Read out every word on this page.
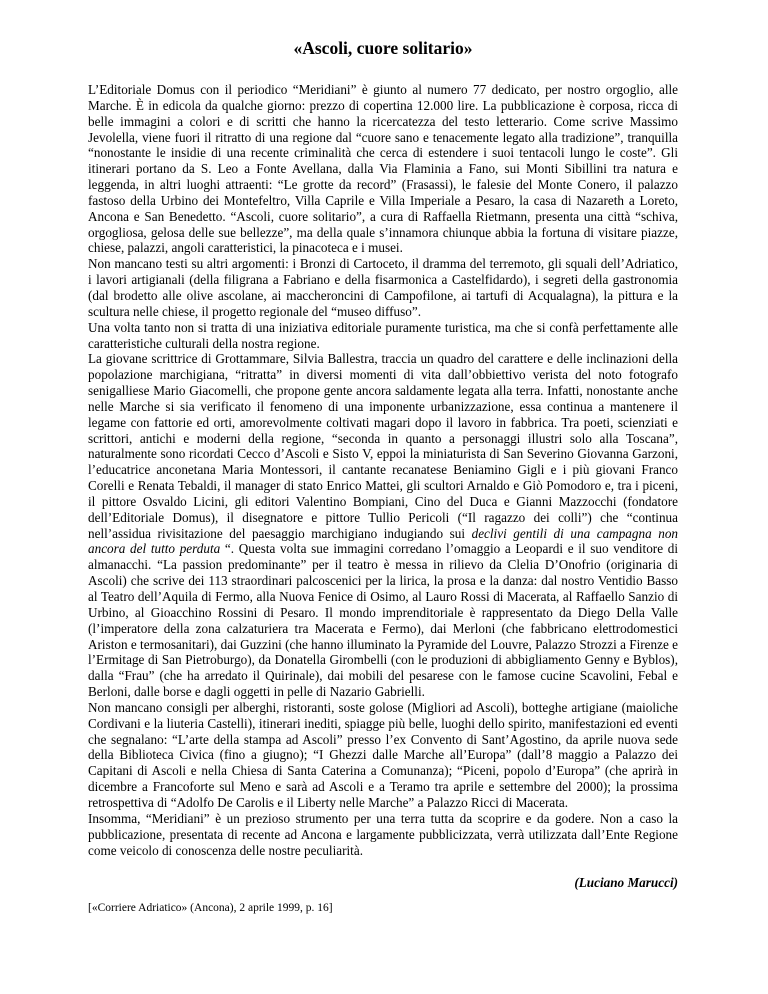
«Ascoli, cuore solitario»

L’Editoriale Domus con il periodico “Meridiani” è giunto al numero 77 dedicato, per nostro orgoglio, alle Marche. È in edicola da qualche giorno: prezzo di copertina 12.000 lire. La pubblicazione è corposa, ricca di belle immagini a colori e di scritti che hanno la ricercatezza del testo letterario. Come scrive Massimo Jevolella, viene fuori il ritratto di una regione dal “cuore sano e tenacemente legato alla tradizione”, tranquilla “nonostante le insidie di una recente criminalità che cerca di estendere i suoi tentacoli lungo le coste”. Gli itinerari portano da S. Leo a Fonte Avellana, dalla Via Flaminia a Fano, sui Monti Sibillini tra natura e leggenda, in altri luoghi attraenti: “Le grotte da record” (Frasassi), le falesie del Monte Conero, il palazzo fastoso della Urbino dei Montefeltro, Villa Caprile e Villa Imperiale a Pesaro, la casa di Nazareth a Loreto, Ancona e San Benedetto. “Ascoli, cuore solitario”, a cura di Raffaella Rietmann, presenta una città “schiva, orgogliosa, gelosa delle sue bellezze”, ma della quale s’innamora chiunque abbia la fortuna di visitare piazze, chiese, palazzi, angoli caratteristici, la pinacoteca e i musei.

Non mancano testi su altri argomenti: i Bronzi di Cartoceto, il dramma del terremoto, gli squali dell’Adriatico, i lavori artigianali (della filigrana a Fabriano e della fisarmonica a Castelfidardo), i segreti della gastronomia (dal brodetto alle olive ascolane, ai maccheroncini di Campofilone, ai tartufi di Acqualagna), la pittura e la scultura nelle chiese, il progetto regionale del “museo diffuso”.

Una volta tanto non si tratta di una iniziativa editoriale puramente turistica, ma che si confà perfettamente alle caratteristiche culturali della nostra regione.

La giovane scrittrice di Grottammare, Silvia Ballestra, traccia un quadro del carattere e delle inclinazioni della popolazione marchigiana, “ritratta” in diversi momenti di vita dall’obbiettivo verista del noto fotografo senigalliese Mario Giacomelli, che propone gente ancora saldamente legata alla terra. Infatti, nonostante anche nelle Marche si sia verificato il fenomeno di una imponente urbanizzazione, essa continua a mantenere il legame con fattorie ed orti, amorevolmente coltivati magari dopo il lavoro in fabbrica. Tra poeti, scienziati e scrittori, antichi e moderni della regione, “seconda in quanto a personaggi illustri solo alla Toscana”, naturalmente sono ricordati Cecco d’Ascoli e Sisto V, eppoi la miniaturista di San Severino Giovanna Garzoni, l’educatrice anconetana Maria Montessori, il cantante recanatese Beniamino Gigli e i più giovani Franco Corelli e Renata Tebaldi, il manager di stato Enrico Mattei, gli scultori Arnaldo e Giò Pomodoro e, tra i piceni, il pittore Osvaldo Licini, gli editori Valentino Bompiani, Cino del Duca e Gianni Mazzocchi (fondatore dell’Editoriale Domus), il disegnatore e pittore Tullio Pericoli (“Il ragazzo dei colli”) che “continua nell’assidua rivisitazione del paesaggio marchigiano indugiando sui declivi gentili di una campagna non ancora del tutto perduta “. Questa volta sue immagini corredano l’omaggio a Leopardi e il suo venditore di almanacchi. “La passion predominante” per il teatro è messa in rilievo da Clelia D’Onofrio (originaria di Ascoli) che scrive dei 113 straordinari palcoscenici per la lirica, la prosa e la danza: dal nostro Ventidio Basso al Teatro dell’Aquila di Fermo, alla Nuova Fenice di Osimo, al Lauro Rossi di Macerata, al Raffaello Sanzio di Urbino, al Gioacchino Rossini di Pesaro. Il mondo imprenditoriale è rappresentato da Diego Della Valle (l’imperatore della zona calzaturiera tra Macerata e Fermo), dai Merloni (che fabbricano elettrodomestici Ariston e termosanitari), dai Guzzini (che hanno illuminato la Pyramide del Louvre, Palazzo Strozzi a Firenze e l’Ermitage di San Pietroburgo), da Donatella Girombelli (con le produzioni di abbigliamento Genny e Byblos), dalla “Frau” (che ha arredato il Quirinale), dai mobili del pesarese con le famose cucine Scavolini, Febal e Berloni, dalle borse e dagli oggetti in pelle di Nazario Gabrielli.

Non mancano consigli per alberghi, ristoranti, soste golose (Migliori ad Ascoli), botteghe artigiane (maioliche Cordivani e la liuteria Castelli), itinerari inediti, spiagge più belle, luoghi dello spirito, manifestazioni ed eventi che segnalano: “L’arte della stampa ad Ascoli” presso l’ex Convento di Sant’Agostino, da aprile nuova sede della Biblioteca Civica (fino a giugno); “I Ghezzi dalle Marche all’Europa” (dall’8 maggio a Palazzo dei Capitani di Ascoli e nella Chiesa di Santa Caterina a Comunanza); “Piceni, popolo d’Europa” (che aprirà in dicembre a Francoforte sul Meno e sarà ad Ascoli e a Teramo tra aprile e settembre del 2000); la prossima retrospettiva di “Adolfo De Carolis e il Liberty nelle Marche” a Palazzo Ricci di Macerata.

Insomma, “Meridiani” è un prezioso strumento per una terra tutta da scoprire e da godere. Non a caso la pubblicazione, presentata di recente ad Ancona e largamente pubblicizzata, verrà utilizzata dall’Ente Regione come veicolo di conoscenza delle nostre peculiarità.

(Luciano Marucci)

[«Corriere Adriatico» (Ancona), 2 aprile 1999, p. 16]
